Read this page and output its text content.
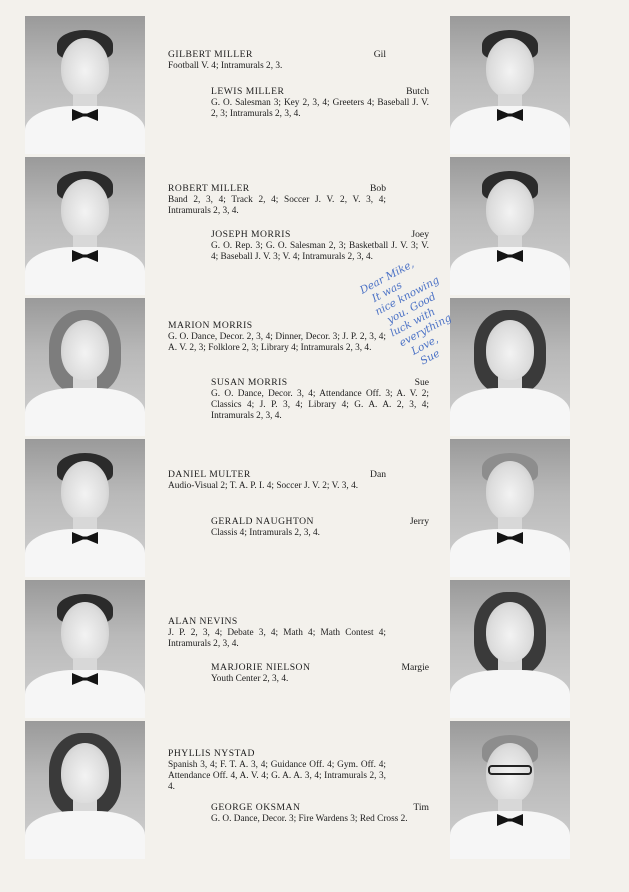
GILBERT MILLER	Gil
Football V. 4; Intramurals 2, 3.
LEWIS MILLER	Butch
G. O. Salesman 3; Key 2, 3, 4; Greeters 4; Baseball J. V. 2, 3; Intramurals 2, 3, 4.
ROBERT MILLER	Bob
Band 2, 3, 4; Track 2, 4; Soccer J. V. 2, V. 3, 4; Intramurals 2, 3, 4.
JOSEPH MORRIS	Joey
G. O. Rep. 3; G. O. Salesman 2, 3; Basketball J. V. 3; V. 4; Baseball J. V. 3; V. 4; Intramurals 2, 3, 4.
MARION MORRIS
G. O. Dance, Decor. 2, 3, 4; Dinner, Decor. 3; J. P. 2, 3, 4; A. V. 2, 3; Folklore 2, 3; Library 4; Intramurals 2, 3, 4.
SUSAN MORRIS	Sue
G. O. Dance, Decor. 3, 4; Attendance Off. 3; A. V. 2; Classics 4; J. P. 3, 4; Library 4; G. A. A. 2, 3, 4; Intramurals 2, 3, 4.
DANIEL MULTER	Dan
Audio-Visual 2; T. A. P. I. 4; Soccer J. V. 2; V. 3, 4.
GERALD NAUGHTON	Jerry
Classis 4; Intramurals 2, 3, 4.
ALAN NEVINS
J. P. 2, 3, 4; Debate 3, 4; Math 4; Math Contest 4; Intramurals 2, 3, 4.
MARJORIE NIELSON	Margie
Youth Center 2, 3, 4.
PHYLLIS NYSTAD
Spanish 3, 4; F. T. A. 3, 4; Guidance Off. 4; Gym. Off. 4; Attendance Off. 4, A. V. 4; G. A. A. 3, 4; Intramurals 2, 3, 4.
GEORGE OKSMAN	Tim
G. O. Dance, Decor. 3; Fire Wardens 3; Red Cross 2.
Dear Mike,
It was
nice knowing
you. Good
luck with
everything
Love,
Sue
